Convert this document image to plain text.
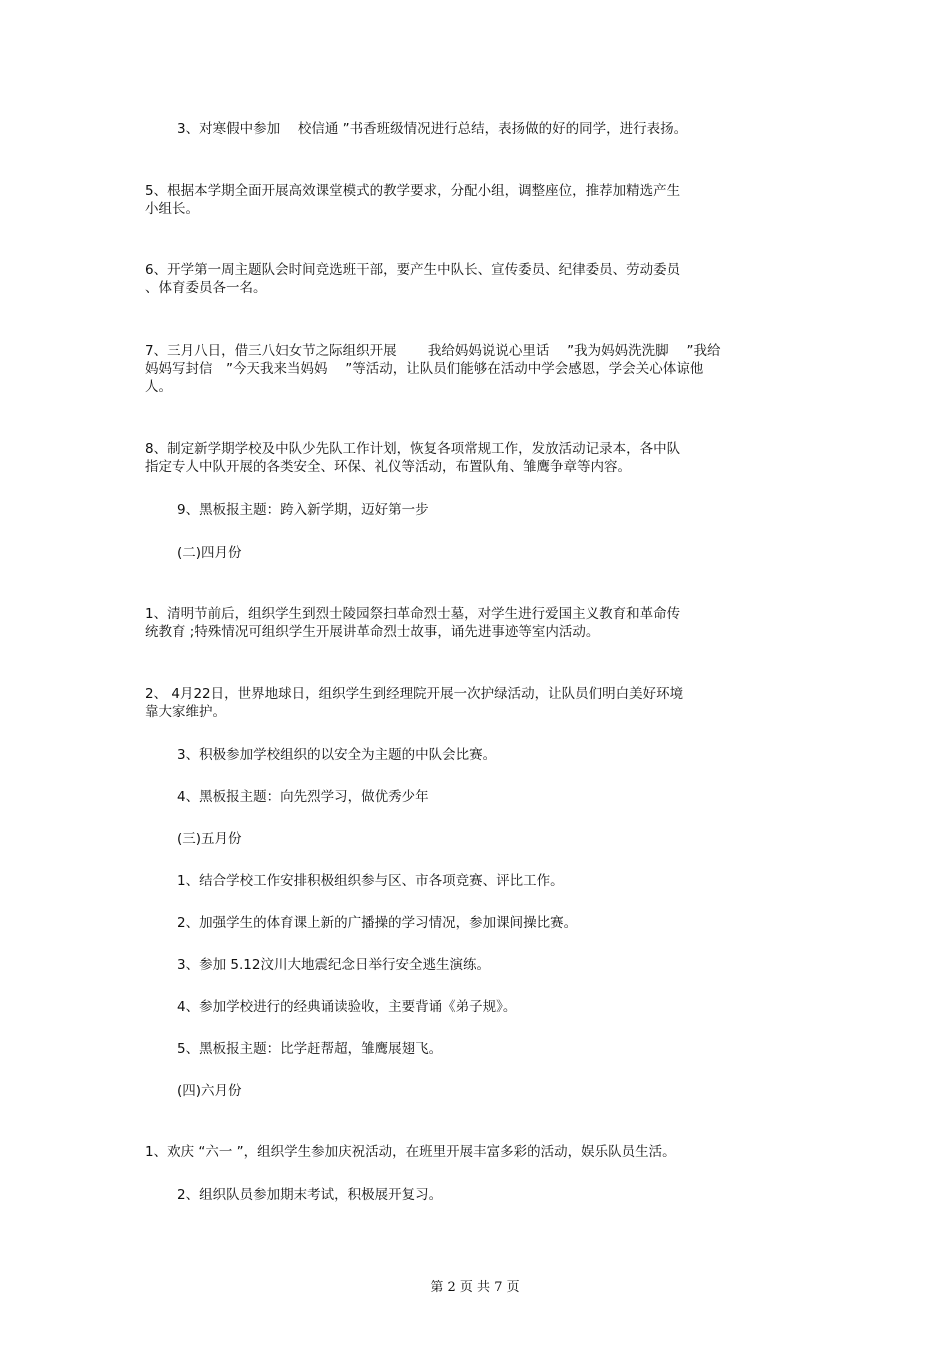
3、对寒假中参加　 校信通 ”书香班级情况进行总结，表扬做的好的同学，进行表扬。
5、根据本学期全面开展高效课堂模式的教学要求，分配小组，调整座位，推荐加精选产生
小组长。
6、开学第一周主题队会时间竞选班干部，要产生中队长、宣传委员、纪律委员、劳动委员
、体育委员各一名。
7、三月八日，借三八妇女节之际组织开展　　 我给妈妈说说心里话　 ”我为妈妈洗洗脚　 ”我给
妈妈写封信　”今天我来当妈妈　 ”等活动，让队员们能够在活动中学会感恩，学会关心体谅他
人。
8、制定新学期学校及中队少先队工作计划，恢复各项常规工作，发放活动记录本，各中队
指定专人中队开展的各类安全、环保、礼仪等活动，布置队角、雏鹰争章等内容。
9、黑板报主题：跨入新学期，迈好第一步
(二)四月份
1、清明节前后，组织学生到烈士陵园祭扫革命烈士墓，对学生进行爱国主义教育和革命传
统教育 ;特殊情况可组织学生开展讲革命烈士故事，诵先进事迹等室内活动。
2、 4月22日，世界地球日，组织学生到经理院开展一次护绿活动，让队员们明白美好环境
靠大家维护。
3、积极参加学校组织的以安全为主题的中队会比赛。
4、黑板报主题：向先烈学习，做优秀少年
(三)五月份
1、结合学校工作安排积极组织参与区、市各项竞赛、评比工作。
2、加强学生的体育课上新的广播操的学习情况，参加课间操比赛。
3、参加 5.12汶川大地震纪念日举行安全逃生演练。
4、参加学校进行的经典诵读验收，主要背诵《弟子规》。
5、黑板报主题：比学赶帮超，雏鹰展翅飞。
(四)六月份
1、欢庆 “六一 ”，组织学生参加庆祝活动，在班里开展丰富多彩的活动，娱乐队员生活。
2、组织队员参加期末考试，积极展开复习。
第 2 页 共 7 页
